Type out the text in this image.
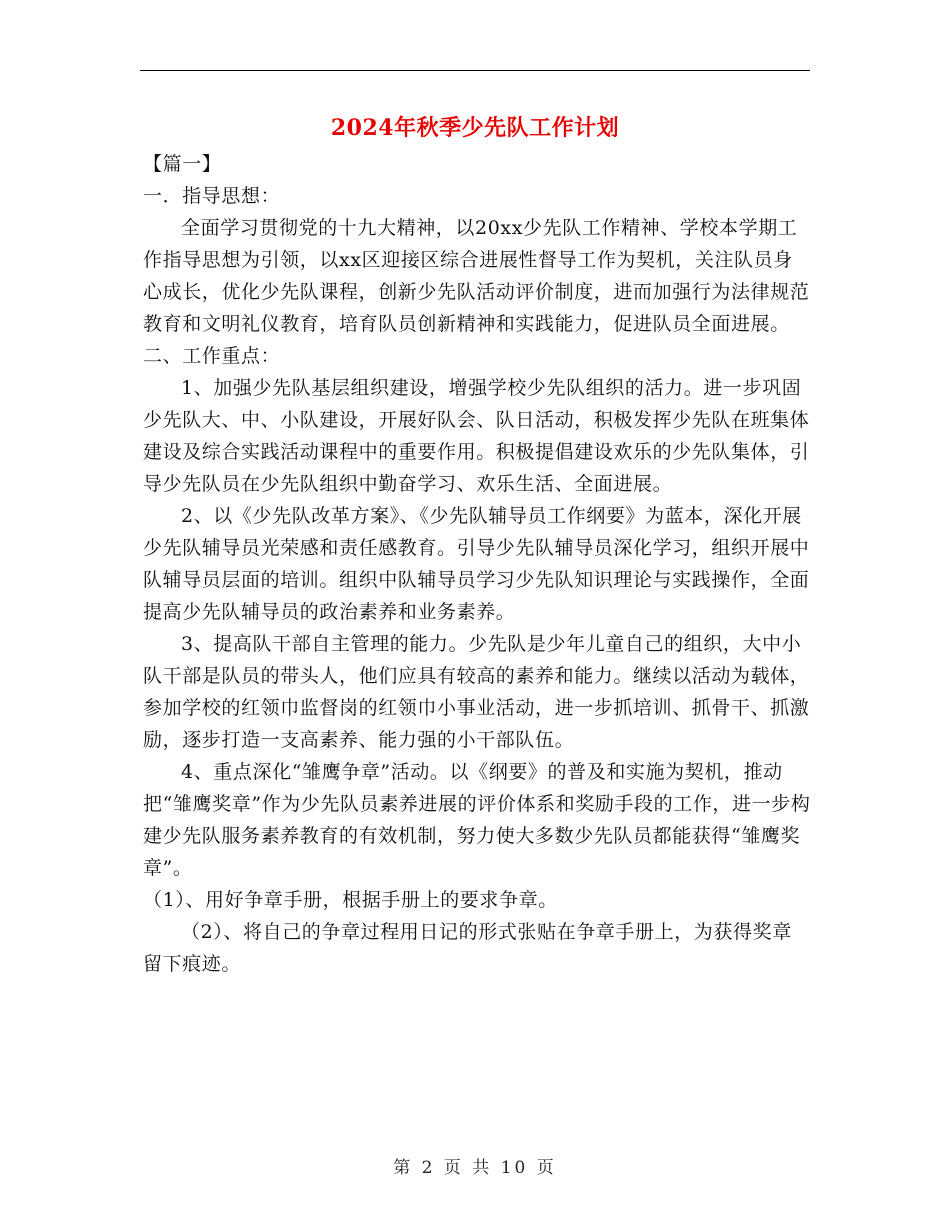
2024年秋季少先队工作计划

【篇一】

一．指导思想：

全面学习贯彻党的十九大精神，以20xx少先队工作精神、学校本学期工作指导思想为引领，以xx区迎接区综合进展性督导工作为契机，关注队员身心成长，优化少先队课程，创新少先队活动评价制度，进而加强行为法律规范教育和文明礼仪教育，培育队员创新精神和实践能力，促进队员全面进展。

二、工作重点：

1、加强少先队基层组织建设，增强学校少先队组织的活力。进一步巩固少先队大、中、小队建设，开展好队会、队日活动，积极发挥少先队在班集体建设及综合实践活动课程中的重要作用。积极提倡建设欢乐的少先队集体，引导少先队员在少先队组织中勤奋学习、欢乐生活、全面进展。

2、以《少先队改革方案》、《少先队辅导员工作纲要》为蓝本，深化开展少先队辅导员光荣感和责任感教育。引导少先队辅导员深化学习，组织开展中队辅导员层面的培训。组织中队辅导员学习少先队知识理论与实践操作，全面提高少先队辅导员的政治素养和业务素养。

3、提高队干部自主管理的能力。少先队是少年儿童自己的组织，大中小队干部是队员的带头人，他们应具有较高的素养和能力。继续以活动为载体，参加学校的红领巾监督岗的红领巾小事业活动，进一步抓培训、抓骨干、抓激励，逐步打造一支高素养、能力强的小干部队伍。

4、重点深化“雏鹰争章”活动。以《纲要》的普及和实施为契机，推动把“雏鹰奖章”作为少先队员素养进展的评价体系和奖励手段的工作，进一步构建少先队服务素养教育的有效机制，努力使大多数少先队员都能获得“雏鹰奖章”。

（1）、用好争章手册，根据手册上的要求争章。

（2）、将自己的争章过程用日记的形式张贴在争章手册上，为获得奖章留下痕迹。

第 2 页 共 10 页
